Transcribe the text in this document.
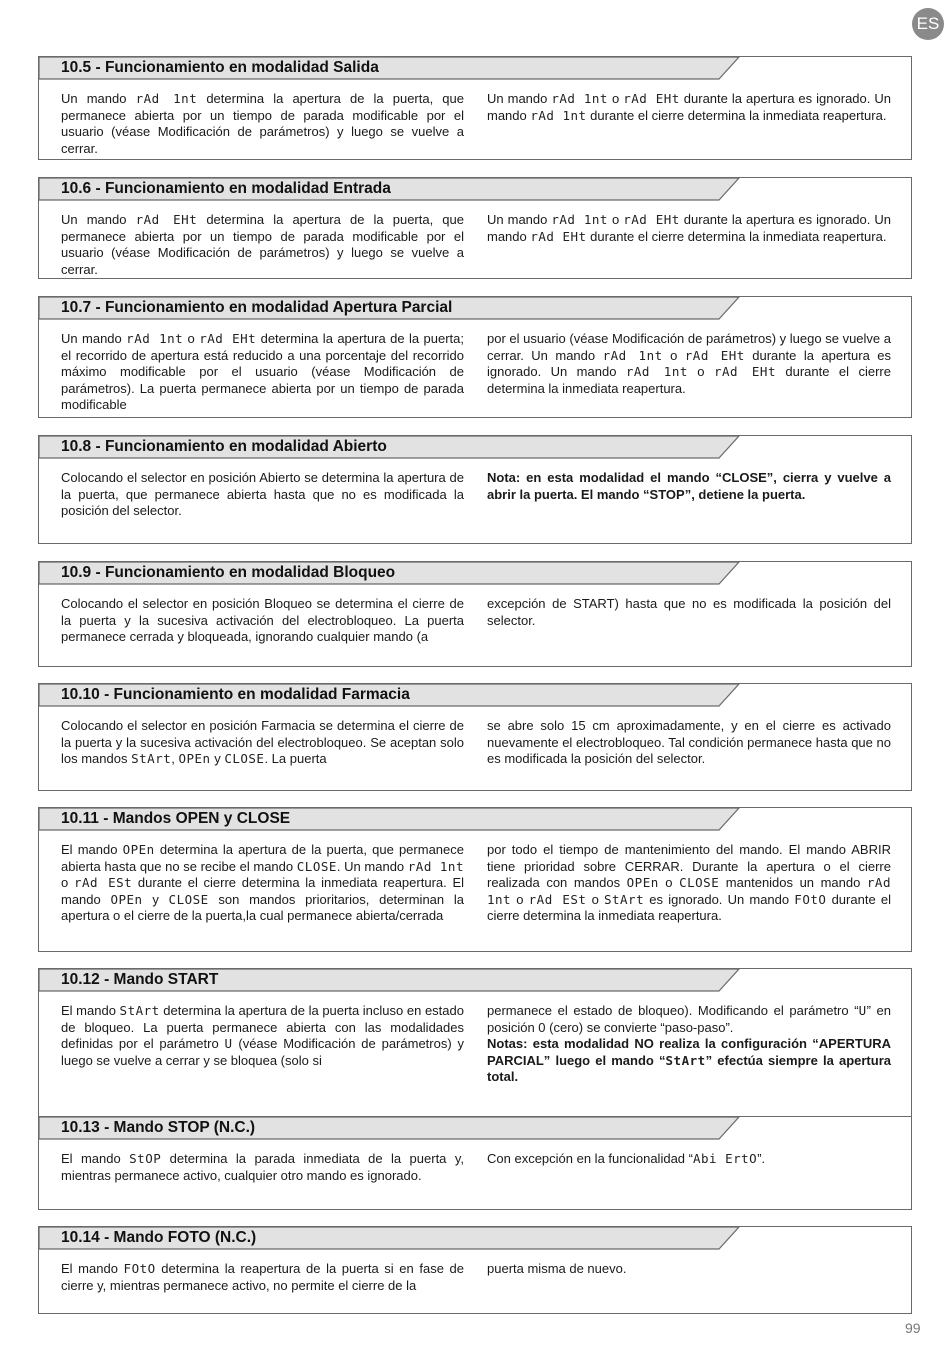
ES
10.5 - Funcionamiento en modalidad Salida

Un mando rAd 1nt determina la apertura de la puerta, que permanece abierta por un tiempo de parada modificable por el usuario (véase Modificación de parámetros) y luego se vuelve a cerrar.

Un mando rAd 1nt o rAd EHt durante la apertura es ignorado. Un mando rAd 1nt durante el cierre determina la inmediata reapertura.

10.6 - Funcionamiento en modalidad Entrada

Un mando rAd EHt determina la apertura de la puerta, que permanece abierta por un tiempo de parada modificable por el usuario (véase Modificación de parámetros) y luego se vuelve a cerrar.

Un mando rAd 1nt o rAd EHt durante la apertura es ignorado. Un mando rAd EHt durante el cierre determina la inmediata reapertura.

10.7 - Funcionamiento en modalidad Apertura Parcial

Un mando rAd 1nt o rAd EHt determina la apertura de la puerta; el recorrido de apertura está reducido a una porcentaje del recorrido máximo modificable por el usuario (véase Modificación de parámetros). La puerta permanece abierta por un tiempo de parada modificable

por el usuario (véase Modificación de parámetros) y luego se vuelve a cerrar. Un mando rAd 1nt o rAd EHt durante la apertura es ignorado. Un mando rAd 1nt o rAd EHt durante el cierre determina la inmediata reapertura.

10.8 - Funcionamiento en modalidad Abierto

Colocando el selector en posición Abierto se determina la apertura de la puerta, que permanece abierta hasta que no es modificada la posición del selector.

Nota: en esta modalidad el mando “CLOSE”, cierra y vuelve a abrir la puerta. El mando “STOP”, detiene la puerta.

10.9 - Funcionamiento en modalidad Bloqueo

Colocando el selector en posición Bloqueo se determina el cierre de la puerta y la sucesiva activación del electrobloqueo. La puerta permanece cerrada y bloqueada, ignorando cualquier mando (a

excepción de START) hasta que no es modificada la posición del selector.

10.10 - Funcionamiento en modalidad Farmacia

Colocando el selector en posición Farmacia se determina el cierre de la puerta y la sucesiva activación del electrobloqueo. Se aceptan solo los mandos StArt, OPEn y CLOSE. La puerta

se abre solo 15 cm aproximadamente, y en el cierre es activado nuevamente el electrobloqueo. Tal condición permanece hasta que no es modificada la posición del selector.

10.11 - Mandos OPEN y CLOSE

El mando OPEn determina la apertura de la puerta, que permanece abierta hasta que no se recibe el mando CLOSE. Un mando rAd 1nt o rAd ESt durante el cierre determina la inmediata reapertura. El mando OPEn y CLOSE son mandos prioritarios, determinan la apertura o el cierre de la puerta,la cual permanece abierta/cerrada

por todo el tiempo de mantenimiento del mando. El mando ABRIR tiene prioridad sobre CERRAR. Durante la apertura o el cierre realizada con mandos OPEn o CLOSE mantenidos un mando rAd 1nt o rAd ESt o StArt es ignorado. Un mando FOtO durante el cierre determina la inmediata reapertura.

10.12 - Mando START

El mando StArt determina la apertura de la puerta incluso en estado de bloqueo. La puerta permanece abierta con las modalidades definidas por el parámetro U (véase Modificación de parámetros) y luego se vuelve a cerrar y se bloquea (solo si

permanece el estado de bloqueo). Modificando el parámetro “U” en posición 0 (cero) se convierte “paso-paso”.
Notas: esta modalidad NO realiza la configuración “APERTURA PARCIAL” luego el mando “StArt” efectúa siempre la apertura total.

10.13 - Mando STOP (N.C.)

El mando StOP determina la parada inmediata de la puerta y, mientras permanece activo, cualquier otro mando es ignorado.

Con excepción en la funcionalidad “Abi ErtO”.

10.14 - Mando FOTO (N.C.)

El mando FOtO determina la reapertura de la puerta si en fase de cierre y, mientras permanece activo, no permite el cierre de la

puerta misma de nuevo.

99
